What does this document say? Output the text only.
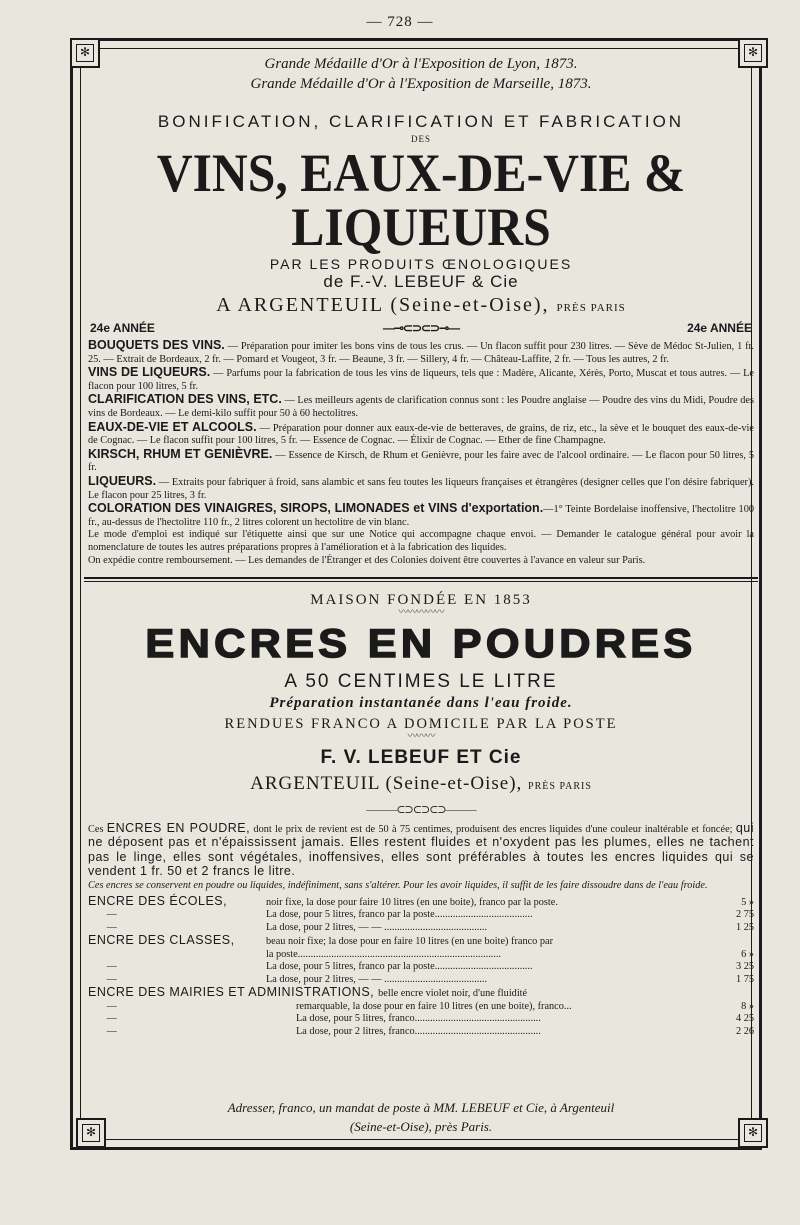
— 728 —
✻	✻
✻	✻
Grande Médaille d'Or à l'Exposition de Lyon, 1873.
Grande Médaille d'Or à l'Exposition de Marseille, 1873.
BONIFICATION, CLARIFICATION ET FABRICATION
DES
VINS, EAUX-DE-VIE & LIQUEURS
PAR LES PRODUITS ŒNOLOGIQUES
de F.-V. LEBEUF & Cie
A ARGENTEUIL (Seine-et-Oise), PRÈS PARIS
24e ANNÉE	—⊸⊂⊃⊂⊃⊸—	24e ANNÉE

BOUQUETS DES VINS. — Préparation pour imiter les bons vins de tous les crus. — Un flacon suffit pour 230 litres. — Sève de Médoc St-Julien, 1 fr. 25. — Extrait de Bordeaux, 2 fr. — Pomard et Vougeot, 3 fr. — Beaune, 3 fr. — Sillery, 4 fr. — Château-Laffite, 2 fr. — Tous les autres, 2 fr.

VINS DE LIQUEURS. — Parfums pour la fabrication de tous les vins de liqueurs, tels que : Madère, Alicante, Xérès, Porto, Muscat et tous autres. — Le flacon pour 100 litres, 5 fr.

CLARIFICATION DES VINS, ETC. — Les meilleurs agents de clarification connus sont : les Poudre anglaise — Poudre des vins du Midi, Poudre des vins de Bordeaux. — Le demi-kilo suffit pour 50 à 60 hectolitres.

EAUX-DE-VIE ET ALCOOLS. — Préparation pour donner aux eaux-de-vie de betteraves, de grains, de riz, etc., la sève et le bouquet des eaux-de-vie de Cognac. — Le flacon suffit pour 100 litres, 5 fr. — Essence de Cognac. — Élixir de Cognac. — Ether de fine Champagne.

KIRSCH, RHUM ET GENIÈVRE. — Essence de Kirsch, de Rhum et Genièvre, pour les faire avec de l'alcool ordinaire. — Le flacon pour 50 litres, 5 fr.

LIQUEURS. — Extraits pour fabriquer à froid, sans alambic et sans feu toutes les liqueurs françaises et étrangères (designer celles que l'on désire fabriquer). Le flacon pour 25 litres, 3 fr.

COLORATION DES VINAIGRES, SIROPS, LIMONADES et VINS d'exportation.—1° Teinte Bordelaise inoffensive, l'hectolitre 100 fr., au-dessus de l'hectolitre 110 fr., 2 litres colorent un hectolitre de vin blanc.

Le mode d'emploi est indiqué sur l'étiquette ainsi que sur une Notice qui accompagne chaque envoi. — Demander le catalogue général pour avoir la nomenclature de toutes les autres préparations propres à l'amélioration et à la fabrication des liquides.

On expédie contre remboursement. — Les demandes de l'Étranger et des Colonies doivent être couvertes à l'avance en valeur sur Paris.

MAISON FONDÉE EN 1853
〰〰〰〰〰
ENCRES EN POUDRES
A 50 CENTIMES LE LITRE
Préparation instantanée dans l'eau froide.
RENDUES FRANCO A DOMICILE PAR LA POSTE
〰〰〰
F. V. LEBEUF ET Cie
ARGENTEUIL (Seine-et-Oise), PRÈS PARIS
———⊂⊃⊂⊃⊂⊃———

Ces ENCRES EN POUDRE, dont le prix de revient est de 50 à 75 centimes, produisent des encres liquides d'une couleur inaltérable et foncée; qui ne déposent pas et n'épaississent jamais. Elles restent fluides et n'oxydent pas les plumes, elles ne tachent pas le linge, elles sont végétales, inoffensives, elles sont préférables à toutes les encres liquides qui se vendent 1 fr. 50 et 2 francs le litre.

Ces encres se conservent en poudre ou liquides, indéfiniment, sans s'altérer. Pour les avoir liquides, il suffit de les faire dissoudre dans de l'eau froide.

ENCRE DES ÉCOLES,	noir fixe, la dose pour faire 10 litres (en une boite), franco par la poste.	5 »
—	La dose, pour 5 litres, franco par la poste......................................	2 75
—	La dose, pour 2 litres, — — ........................................	1 25
ENCRE DES CLASSES,	beau noir fixe; la dose pour en faire 10 litres (en une boite) franco par
la poste...............................................................................	6 »
—	La dose, pour 5 litres, franco par la poste......................................	3 25
—	La dose, pour 2 litres, — — ........................................	1 75
ENCRE DES MAIRIES ET ADMINISTRATIONS, belle encre violet noir, d'une fluidité
—	remarquable, la dose pour en faire 10 litres (en une boite), franco...	8 »
—	La dose, pour 5 litres, franco.................................................	4 25
—	La dose, pour 2 litres, franco.................................................	2 26
Adresser, franco, un mandat de poste à MM. LEBEUF et Cie, à Argenteuil
(Seine-et-Oise), près Paris.
